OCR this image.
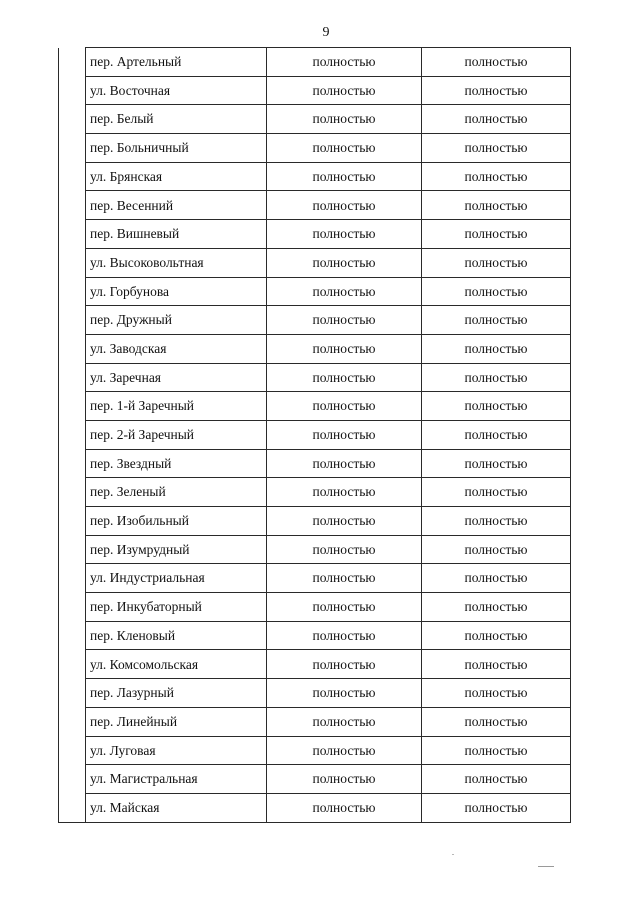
9
	пер. Артельный	полностью	полностью
	ул. Восточная	полностью	полностью
	пер. Белый	полностью	полностью
	пер. Больничный	полностью	полностью
	ул. Брянская	полностью	полностью
	пер. Весенний	полностью	полностью
	пер. Вишневый	полностью	полностью
	ул. Высоковольтная	полностью	полностью
	ул. Горбунова	полностью	полностью
	пер. Дружный	полностью	полностью
	ул. Заводская	полностью	полностью
	ул. Заречная	полностью	полностью
	пер. 1-й Заречный	полностью	полностью
	пер. 2-й Заречный	полностью	полностью
	пер. Звездный	полностью	полностью
	пер. Зеленый	полностью	полностью
	пер. Изобильный	полностью	полностью
	пер. Изумрудный	полностью	полностью
	ул. Индустриальная	полностью	полностью
	пер. Инкубаторный	полностью	полностью
	пер. Кленовый	полностью	полностью
	ул. Комсомольская	полностью	полностью
	пер. Лазурный	полностью	полностью
	пер. Линейный	полностью	полностью
	ул. Луговая	полностью	полностью
	ул. Магистральная	полностью	полностью
	ул. Майская	полностью	полностью
